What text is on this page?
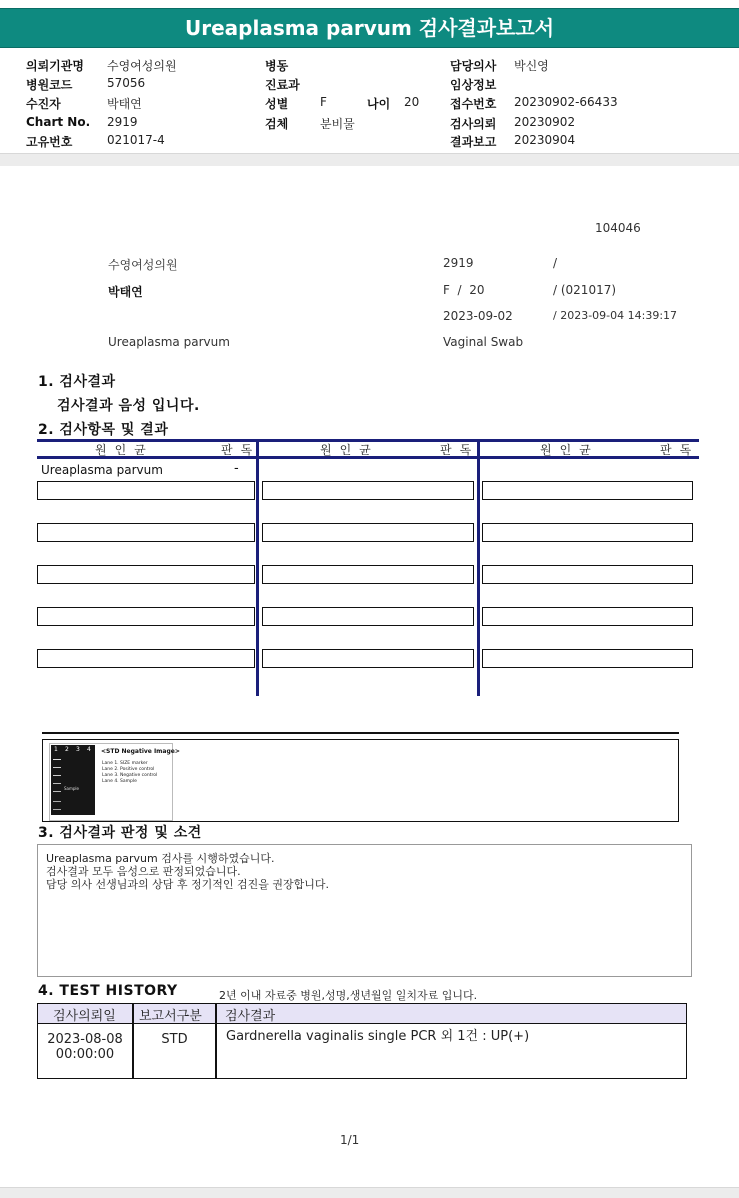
Ureaplasma parvum 검사결과보고서
의뢰기관명 수영여성의원
병원코드	57056
수진자	박태연
Chart No. 2919
고유번호	021017-4
병동
진료과
성별	F	나이 20
검체	분비물
담당의사 박신영
임상정보
접수번호 20230902-66433
검사의뢰 20230902
결과보고 20230904
104046
수영여성의원	2919	/
박태연	F  /  20	/ (021017)
2023-09-02	/ 2023-09-04 14:39:17
Ureaplasma parvum	Vaginal Swab
1. 검사결과
검사결과 음성 입니다.
2. 검사항목 및 결과
원인균	판독	원인균	판독	원인균	판독
Ureaplasma parvum	-
1 2 3 4
Sample
<STD Negative Image>
Lane 1. SIZE marker
Lane 2. Positive control
Lane 3. Negative control
Lane 4. Sample
3. 검사결과 판정 및 소견
Ureaplasma parvum 검사를 시행하였습니다.
검사결과 모두 음성으로 판정되었습니다.
담당 의사 선생님과의 상담 후 정기적인 검진을 권장합니다.
4. TEST HISTORY	2년 이내 자료중 병원,성명,생년월일 일치자료 입니다.
검사의뢰일 보고서구분 검사결과
2023-08-08
00:00:00
STD	Gardnerella vaginalis single PCR 외 1건 : UP(+)
1/1
